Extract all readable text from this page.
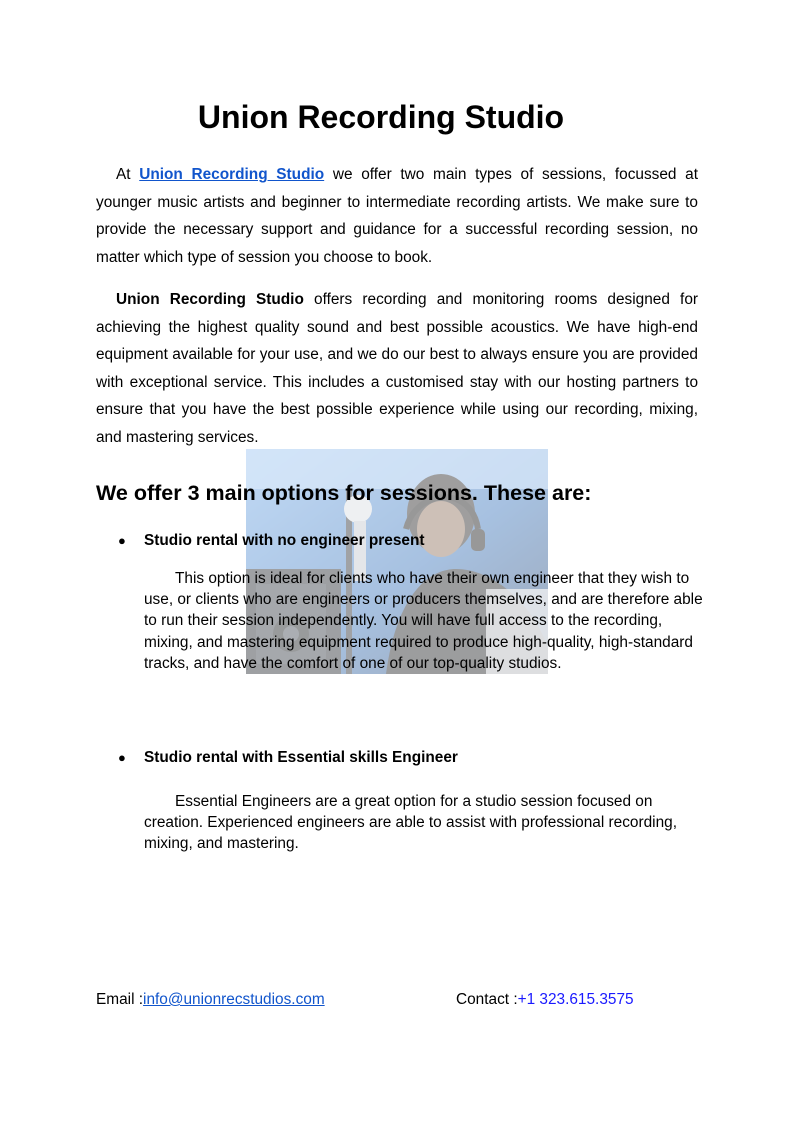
Union Recording Studio

At Union Recording Studio we offer two main types of sessions, focussed at younger music artists and beginner to intermediate recording artists. We make sure to provide the necessary support and guidance for a successful recording session, no matter which type of session you choose to book.

Union Recording Studio offers recording and monitoring rooms designed for achieving the highest quality sound and best possible acoustics. We have high-end equipment available for your use, and we do our best to always ensure you are provided with exceptional service. This includes a customised stay with our hosting partners to ensure that you have the best possible experience while using our recording, mixing, and mastering services.

We offer 3 main options for sessions. These are:
● Studio rental with no engineer present

This option is ideal for clients who have their own engineer that they wish to use, or clients who are engineers or producers themselves, and are therefore able to run their session independently. You will have full access to the recording, mixing, and mastering equipment required to produce high-quality, high-standard tracks, and have the comfort of one of our top-quality studios.

● Studio rental with Essential skills Engineer

Essential Engineers are a great option for a studio session focused on creation. Experienced engineers are able to assist with professional recording, mixing, and mastering.

Email :info@unionrecstudios.com	Contact :+1 323.615.3575
